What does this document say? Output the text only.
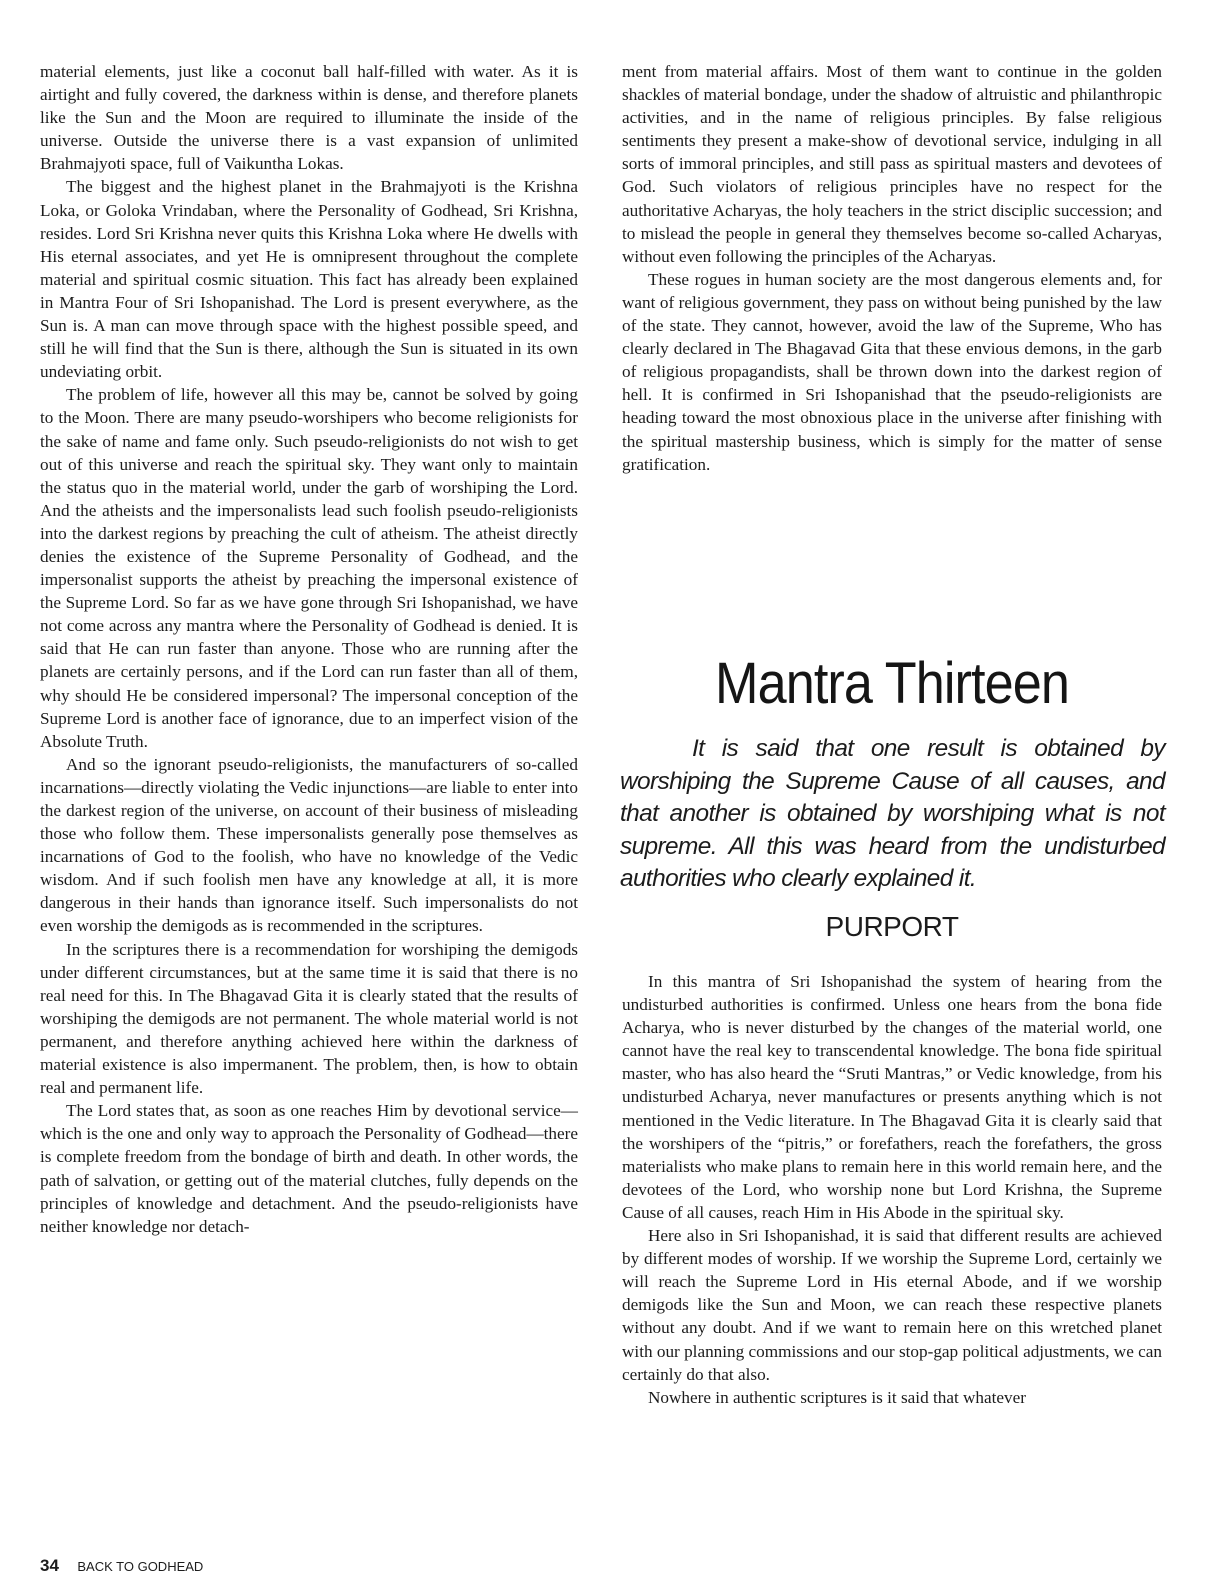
material elements, just like a coconut ball half-filled with water. As it is airtight and fully covered, the darkness within is dense, and therefore planets like the Sun and the Moon are required to illuminate the inside of the universe. Outside the universe there is a vast expansion of unlimited Brahmajyoti space, full of Vaikuntha Lokas.

The biggest and the highest planet in the Brahmajyoti is the Krishna Loka, or Goloka Vrindaban, where the Personality of Godhead, Sri Krishna, resides. Lord Sri Krishna never quits this Krishna Loka where He dwells with His eternal associates, and yet He is omnipresent throughout the complete material and spiritual cosmic situation. This fact has already been explained in Mantra Four of Sri Ishopanishad. The Lord is present everywhere, as the Sun is. A man can move through space with the highest possible speed, and still he will find that the Sun is there, although the Sun is situated in its own undeviating orbit.

The problem of life, however all this may be, cannot be solved by going to the Moon. There are many pseudo-worshipers who become religionists for the sake of name and fame only. Such pseudo-religionists do not wish to get out of this universe and reach the spiritual sky. They want only to maintain the status quo in the material world, under the garb of worshiping the Lord. And the atheists and the impersonalists lead such foolish pseudo-religionists into the darkest regions by preaching the cult of atheism. The atheist directly denies the existence of the Supreme Personality of Godhead, and the impersonalist supports the atheist by preaching the impersonal existence of the Supreme Lord. So far as we have gone through Sri Ishopanishad, we have not come across any mantra where the Personality of Godhead is denied. It is said that He can run faster than anyone. Those who are running after the planets are certainly persons, and if the Lord can run faster than all of them, why should He be considered impersonal? The impersonal conception of the Supreme Lord is another face of ignorance, due to an imperfect vision of the Absolute Truth.

And so the ignorant pseudo-religionists, the manufacturers of so-called incarnations—directly violating the Vedic injunctions—are liable to enter into the darkest region of the universe, on account of their business of misleading those who follow them. These impersonalists generally pose themselves as incarnations of God to the foolish, who have no knowledge of the Vedic wisdom. And if such foolish men have any knowledge at all, it is more dangerous in their hands than ignorance itself. Such impersonalists do not even worship the demigods as is recommended in the scriptures.

In the scriptures there is a recommendation for worshiping the demigods under different circumstances, but at the same time it is said that there is no real need for this. In The Bhagavad Gita it is clearly stated that the results of worshiping the demigods are not permanent. The whole material world is not permanent, and therefore anything achieved here within the darkness of material existence is also impermanent. The problem, then, is how to obtain real and permanent life.

The Lord states that, as soon as one reaches Him by devotional service—which is the one and only way to approach the Personality of Godhead—there is complete freedom from the bondage of birth and death. In other words, the path of salvation, or getting out of the material clutches, fully depends on the principles of knowledge and detachment. And the pseudo-religionists have neither knowledge nor detach-

ment from material affairs. Most of them want to continue in the golden shackles of material bondage, under the shadow of altruistic and philanthropic activities, and in the name of religious principles. By false religious sentiments they present a make-show of devotional service, indulging in all sorts of immoral principles, and still pass as spiritual masters and devotees of God. Such violators of religious principles have no respect for the authoritative Acharyas, the holy teachers in the strict disciplic succession; and to mislead the people in general they themselves become so-called Acharyas, without even following the principles of the Acharyas.

These rogues in human society are the most dangerous elements and, for want of religious government, they pass on without being punished by the law of the state. They cannot, however, avoid the law of the Supreme, Who has clearly declared in The Bhagavad Gita that these envious demons, in the garb of religious propagandists, shall be thrown down into the darkest region of hell. It is confirmed in Sri Ishopanishad that the pseudo-religionists are heading toward the most obnoxious place in the universe after finishing with the spiritual mastership business, which is simply for the matter of sense gratification.

Mantra Thirteen

It is said that one result is obtained by worshiping the Supreme Cause of all causes, and that another is obtained by worshiping what is not supreme. All this was heard from the undisturbed authorities who clearly explained it.

PURPORT

In this mantra of Sri Ishopanishad the system of hearing from the undisturbed authorities is confirmed. Unless one hears from the bona fide Acharya, who is never disturbed by the changes of the material world, one cannot have the real key to transcendental knowledge. The bona fide spiritual master, who has also heard the “Sruti Mantras,” or Vedic knowledge, from his undisturbed Acharya, never manufactures or presents anything which is not mentioned in the Vedic literature. In The Bhagavad Gita it is clearly said that the worshipers of the “pitris,” or forefathers, reach the forefathers, the gross materialists who make plans to remain here in this world remain here, and the devotees of the Lord, who worship none but Lord Krishna, the Supreme Cause of all causes, reach Him in His Abode in the spiritual sky.

Here also in Sri Ishopanishad, it is said that different results are achieved by different modes of worship. If we worship the Supreme Lord, certainly we will reach the Supreme Lord in His eternal Abode, and if we worship demigods like the Sun and Moon, we can reach these respective planets without any doubt. And if we want to remain here on this wretched planet with our planning commissions and our stop-gap political adjustments, we can certainly do that also.

Nowhere in authentic scriptures is it said that whatever

34 BACK TO GODHEAD
